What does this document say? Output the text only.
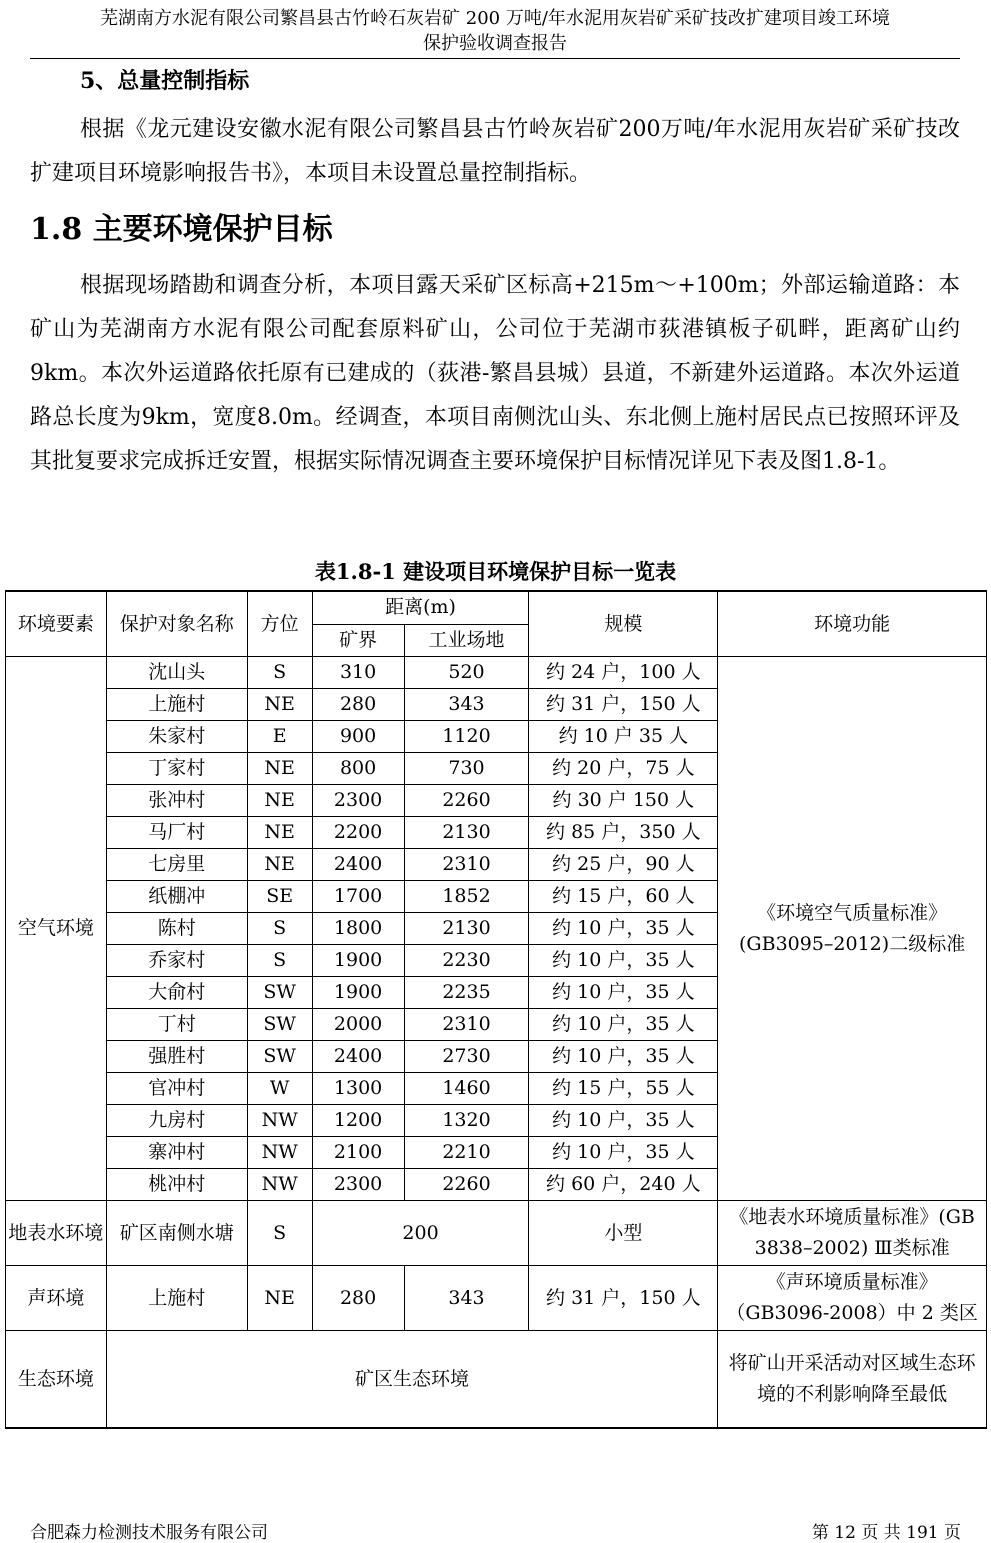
芜湖南方水泥有限公司繁昌县古竹岭石灰岩矿 200 万吨/年水泥用灰岩矿采矿技改扩建项目竣工环境
保护验收调查报告
5、总量控制指标
根据《龙元建设安徽水泥有限公司繁昌县古竹岭灰岩矿200万吨/年水泥用灰岩矿采矿技改扩建项目环境影响报告书》，本项目未设置总量控制指标。
1.8 主要环境保护目标
根据现场踏勘和调查分析，本项目露天采矿区标高+215m～+100m；外部运输道路：本矿山为芜湖南方水泥有限公司配套原料矿山，公司位于芜湖市荻港镇板子矶畔，距离矿山约9km。本次外运道路依托原有已建成的（荻港-繁昌县城）县道，不新建外运道路。本次外运道路总长度为9km，宽度8.0m。经调查，本项目南侧沈山头、东北侧上施村居民点已按照环评及其批复要求完成拆迁安置，根据实际情况调查主要环境保护目标情况详见下表及图1.8-1。
表1.8-1 建设项目环境保护目标一览表
环境要素	保护对象名称	方位	距离(m)		规模	环境功能
			矿界	工业场地		
空气环境	沈山头	S	310	520	约 24 户，100 人	《环境空气质量标准》(GB3095–2012)二级标准
	上施村	NE	280	343	约 31 户，150 人	
	朱家村	E	900	1120	约 10 户 35 人	
	丁家村	NE	800	730	约 20 户，75 人	
	张冲村	NE	2300	2260	约 30 户 150 人	
	马厂村	NE	2200	2130	约 85 户，350 人	
	七房里	NE	2400	2310	约 25 户，90 人	
	纸棚冲	SE	1700	1852	约 15 户，60 人	
	陈村	S	1800	2130	约 10 户，35 人	
	乔家村	S	1900	2230	约 10 户，35 人	
	大俞村	SW	1900	2235	约 10 户，35 人	
	丁村	SW	2000	2310	约 10 户，35 人	
	强胜村	SW	2400	2730	约 10 户，35 人	
	官冲村	W	1300	1460	约 15 户，55 人	
	九房村	NW	1200	1320	约 10 户，35 人	
	寨冲村	NW	2100	2210	约 10 户，35 人	
	桃冲村	NW	2300	2260	约 60 户，240 人	
地表水环境	矿区南侧水塘	S	200		小型	《地表水环境质量标准》(GB 3838–2002) Ⅲ类标准
声环境	上施村	NE	280	343	约 31 户，150 人	《声环境质量标准》（GB3096-2008）中 2 类区
生态环境	矿区生态环境					将矿山开采活动对区域生态环境的不利影响降至最低
合肥森力检测技术服务有限公司	第 12 页 共 191 页
